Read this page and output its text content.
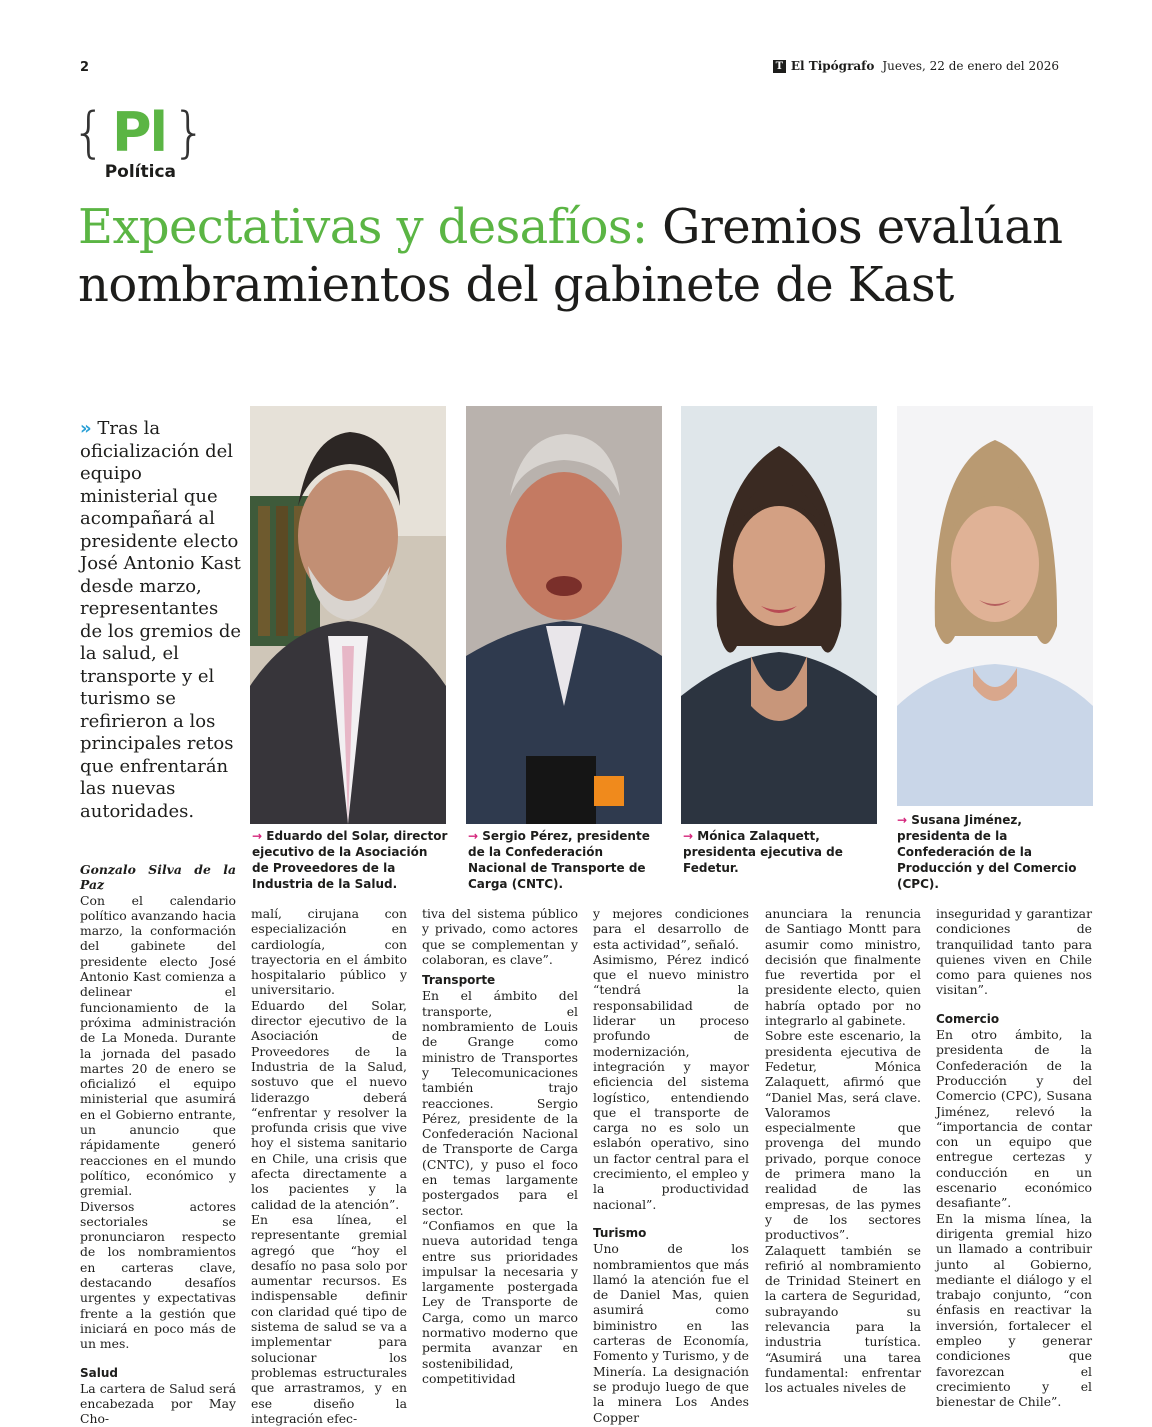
2	T El Tipógrafo Jueves, 22 de enero del 2026
{ Pl }
Política
Expectativas y desafíos: Gremios evalúan nombramientos del gabinete de Kast
» Tras la oficialización del equipo ministerial que acompañará al presidente electo José Antonio Kast desde marzo, representantes de los gremios de la salud, el transporte y el turismo se refirieron a los principales retos que enfrentarán las nuevas autoridades.
→ Eduardo del Solar, director ejecutivo de la Asociación de Proveedores de la Industria de la Salud.
→ Sergio Pérez, presidente de la Confederación Nacional de Transporte de Carga (CNTC).
→ Mónica Zalaquett, presidenta ejecutiva de Fedetur.
→ Susana Jiménez, presidenta de la Confederación de la Producción y del Comercio (CPC).

Gonzalo Silva de la Paz

Con el calendario político avanzando hacia marzo, la conformación del gabinete del presidente electo José Antonio Kast comienza a delinear el funcionamiento de la próxima administración de La Moneda. Durante la jornada del pasado martes 20 de enero se oficializó el equipo ministerial que asumirá en el Gobierno entrante, un anuncio que rápidamente generó reacciones en el mundo político, económico y gremial.

Diversos actores sectoriales se pronunciaron respecto de los nombramientos en carteras clave, destacando desafíos urgentes y expectativas frente a la gestión que iniciará en poco más de un mes.

Salud

La cartera de Salud será encabezada por May Cho-

malí, cirujana con especialización en cardiología, con trayectoria en el ámbito hospitalario público y universitario.

Eduardo del Solar, director ejecutivo de la Asociación de Proveedores de la Industria de la Salud, sostuvo que el nuevo liderazgo deberá “enfrentar y resolver la profunda crisis que vive hoy el sistema sanitario en Chile, una crisis que afecta directamente a los pacientes y la calidad de la atención”.

En esa línea, el representante gremial agregó que “hoy el desafío no pasa solo por aumentar recursos. Es indispensable definir con claridad qué tipo de sistema de salud se va a implementar para solucionar los problemas estructurales que arrastramos, y en ese diseño la integración efec-

tiva del sistema público y privado, como actores que se complementan y colaboran, es clave”.

Transporte

En el ámbito del transporte, el nombramiento de Louis de Grange como ministro de Transportes y Telecomunicaciones también trajo reacciones. Sergio Pérez, presidente de la Confederación Nacional de Transporte de Carga (CNTC), y puso el foco en temas largamente postergados para el sector.

“Confiamos en que la nueva autoridad tenga entre sus prioridades impulsar la necesaria y largamente postergada Ley de Transporte de Carga, como un marco normativo moderno que permita avanzar en sostenibilidad, competitividad

y mejores condiciones para el desarrollo de esta actividad”, señaló.

Asimismo, Pérez indicó que el nuevo ministro “tendrá la responsabilidad de liderar un proceso profundo de modernización, integración y mayor eficiencia del sistema logístico, entendiendo que el transporte de carga no es solo un eslabón operativo, sino un factor central para el crecimiento, el empleo y la productividad nacional”.

Turismo

Uno de los nombramientos que más llamó la atención fue el de Daniel Mas, quien asumirá como biministro en las carteras de Economía, Fomento y Turismo, y de Minería. La designación se produjo luego de que la minera Los Andes Copper

anunciara la renuncia de Santiago Montt para asumir como ministro, decisión que finalmente fue revertida por el presidente electo, quien habría optado por no integrarlo al gabinete.

Sobre este escenario, la presidenta ejecutiva de Fedetur, Mónica Zalaquett, afirmó que “Daniel Mas, será clave. Valoramos especialmente que provenga del mundo privado, porque conoce de primera mano la realidad de las empresas, de las pymes y de los sectores productivos”.

Zalaquett también se refirió al nombramiento de Trinidad Steinert en la cartera de Seguridad, subrayando su relevancia para la industria turística. “Asumirá una tarea fundamental: enfrentar los actuales niveles de

inseguridad y garantizar condiciones de tranquilidad tanto para quienes viven en Chile como para quienes nos visitan”.

Comercio

En otro ámbito, la presidenta de la Confederación de la Producción y del Comercio (CPC), Susana Jiménez, relevó la “importancia de contar con un equipo que entregue certezas y conducción en un escenario económico desafiante”.

En la misma línea, la dirigenta gremial hizo un llamado a contribuir junto al Gobierno, mediante el diálogo y el trabajo conjunto, “con énfasis en reactivar la inversión, fortalecer el empleo y generar condiciones que favorezcan el crecimiento y el bienestar de Chile”.
